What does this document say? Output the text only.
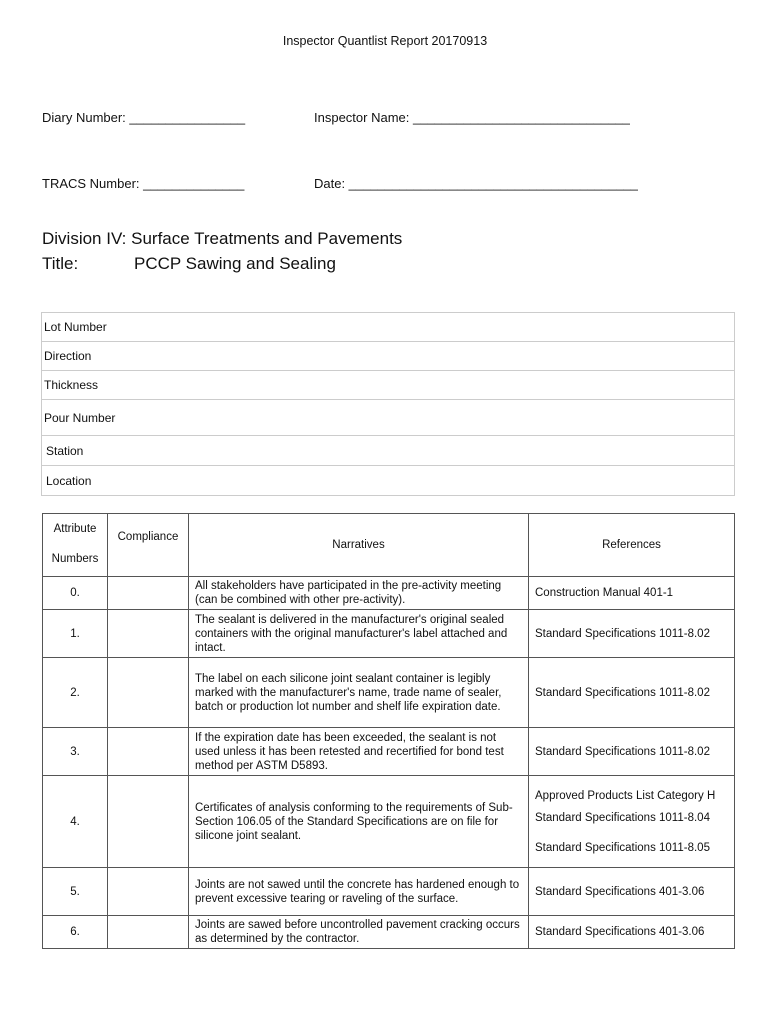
Inspector Quantlist Report 20170913
Diary Number: ________________	Inspector Name: ______________________________
TRACS Number: ______________	Date: ________________________________________
Division IV: Surface Treatments and Pavements
Title:	PCCP Sawing and Sealing
Lot Number
Direction
Thickness
Pour Number
Station
Location
Attribute
Numbers	Compliance	Narratives	References
0.		All stakeholders have participated in the pre-activity meeting (can be combined with other pre-activity).	Construction Manual 401-1
1.		The sealant is delivered in the manufacturer's original sealed containers with the original manufacturer's label attached and intact.	Standard Specifications 1011-8.02
2.		The label on each silicone joint sealant container is legibly marked with the manufacturer's name, trade name of sealer, batch or production lot number and shelf life expiration date.	Standard Specifications 1011-8.02
3.		If the expiration date has been exceeded, the sealant is not used unless it has been retested and recertified for bond test method per ASTM D5893.	Standard Specifications 1011-8.02
4.		Certificates of analysis conforming to the requirements of Sub-Section 106.05 of the Standard Specifications are on file for silicone joint sealant.	Approved Products List Category H
Standard Specifications 1011-8.04
Standard Specifications 1011-8.05

5.		Joints are not sawed until the concrete has hardened enough to prevent excessive tearing or raveling of the surface.	Standard Specifications 401-3.06
6.		Joints are sawed before uncontrolled pavement cracking occurs as determined by the contractor.	Standard Specifications 401-3.06
